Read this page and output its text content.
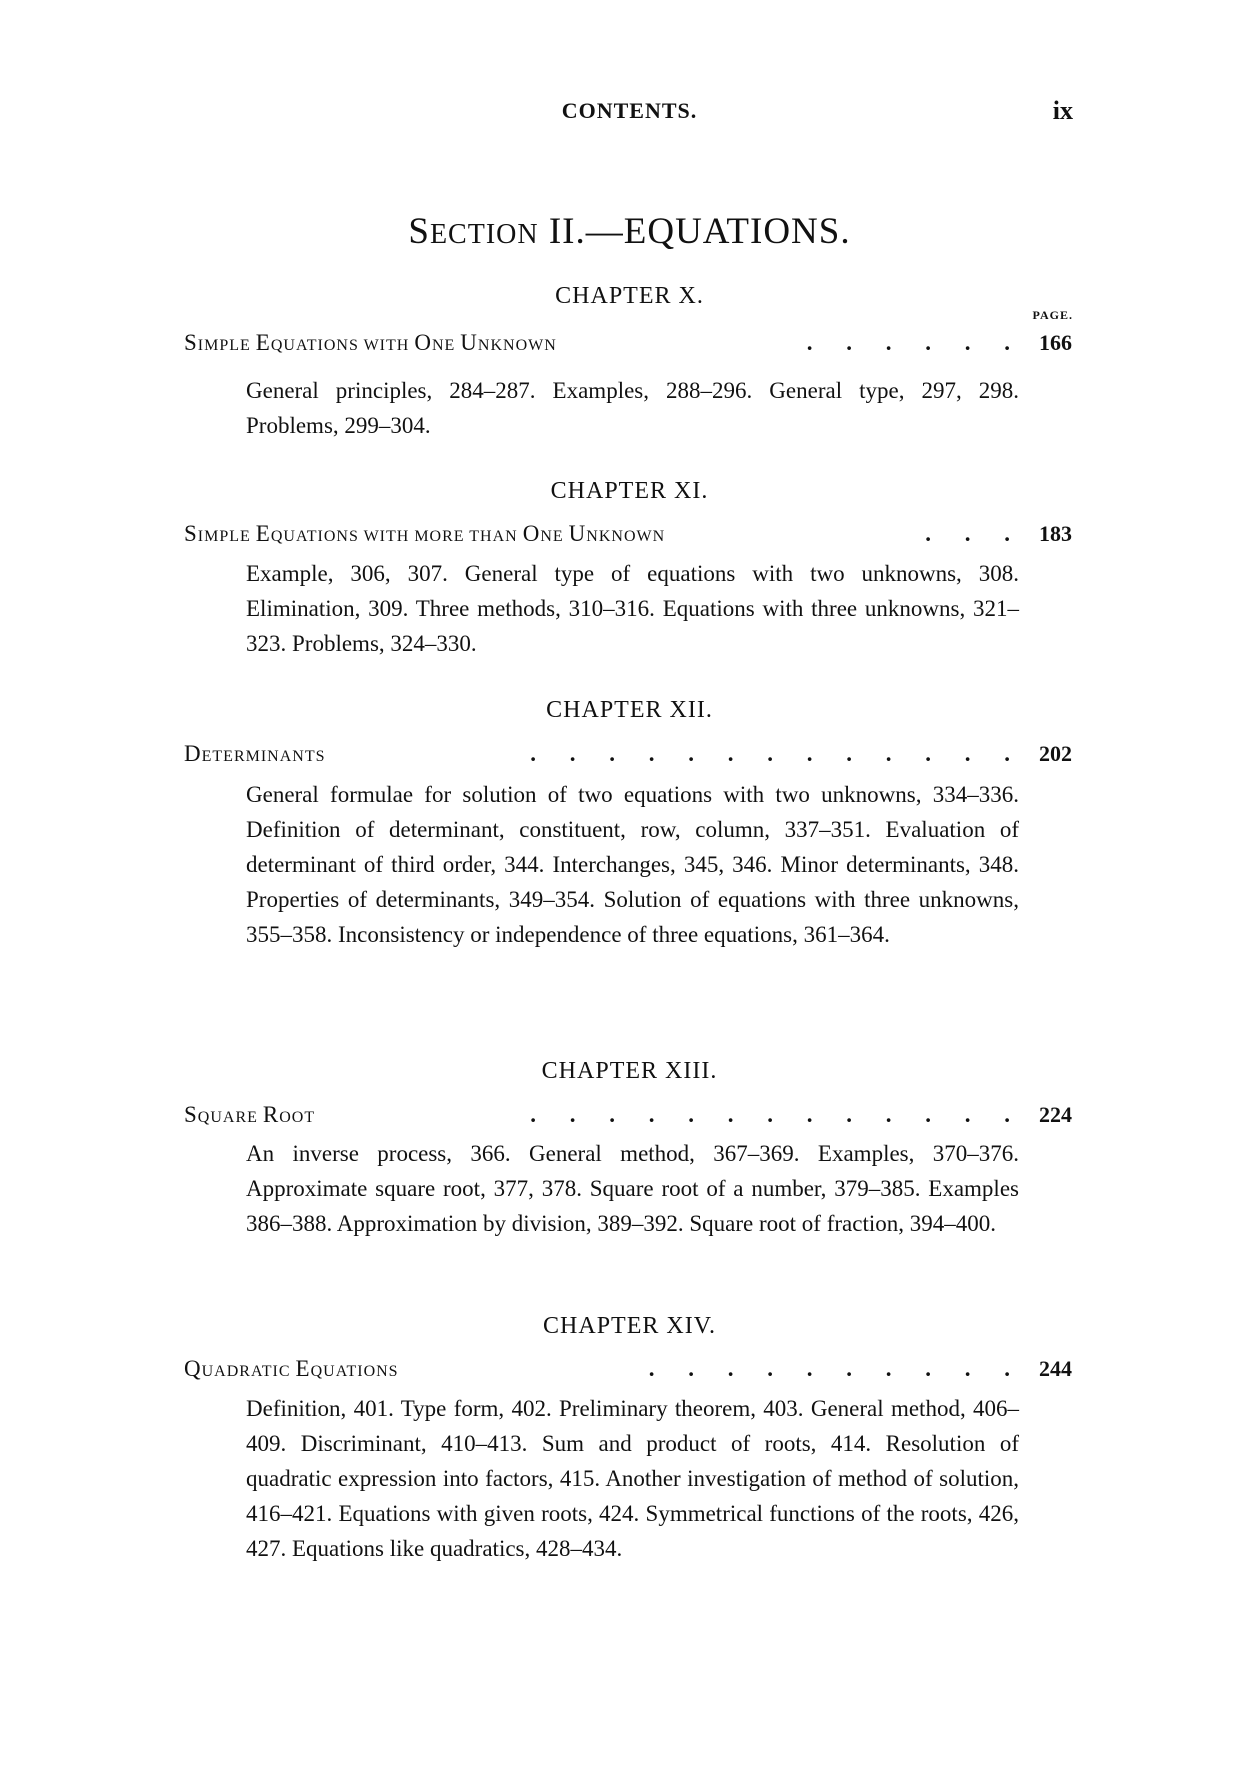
CONTENTS.	ix
SECTION II.—EQUATIONS.
PAGE.
CHAPTER X.
SIMPLE EQUATIONS WITH ONE UNKNOWN	. . . . . . 166
General principles, 284–287. Examples, 288–296. General type, 297, 298. Problems, 299–304.
CHAPTER XI.
SIMPLE EQUATIONS WITH MORE THAN ONE UNKNOWN	. . . 183
Example, 306, 307. General type of equations with two unknowns, 308. Elimination, 309. Three methods, 310–316. Equations with three unknowns, 321–323. Problems, 324–330.
CHAPTER XII.
DETERMINANTS	. . . . . . . . . . . . . 202
General formulae for solution of two equations with two unknowns, 334–336. Definition of determinant, constituent, row, column, 337–351. Evaluation of determinant of third order, 344. Interchanges, 345, 346. Minor determinants, 348. Properties of determinants, 349–354. Solution of equations with three unknowns, 355–358. Inconsistency or independence of three equations, 361–364.
CHAPTER XIII.
SQUARE ROOT	. . . . . . . . . . . . . 224
An inverse process, 366. General method, 367–369. Examples, 370–376. Approximate square root, 377, 378. Square root of a number, 379–385. Examples 386–388. Approximation by division, 389–392. Square root of fraction, 394–400.
CHAPTER XIV.
QUADRATIC EQUATIONS	. . . . . . . . . . 244
Definition, 401. Type form, 402. Preliminary theorem, 403. General method, 406–409. Discriminant, 410–413. Sum and product of roots, 414. Resolution of quadratic expression into factors, 415. Another investigation of method of solution, 416–421. Equations with given roots, 424. Symmetrical functions of the roots, 426, 427. Equations like quadratics, 428–434.
